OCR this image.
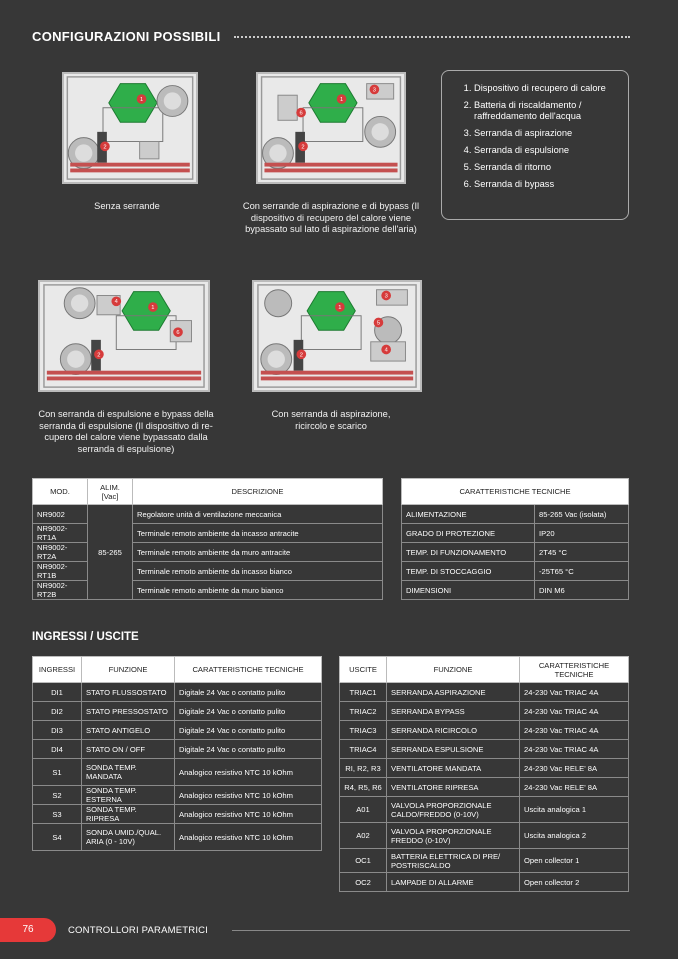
CONFIGURAZIONI POSSIBILI
1
2
Senza serrande
1
2
3
6
Con serrande di aspirazione e di bypass (Il dispositivo di recupero del calore viene bypassato sul lato di aspirazione dell'aria)
1
2
4
6
Con serranda di espulsione e bypass della serranda di espulsione (Il dispositivo di re-cupero del calore viene bypassato dalla serranda di espulsione)
1
2
3
4
5
Con serranda di aspirazione, ricircolo e scarico
1. Dispositivo di recupero di calore
2. Batteria di riscaldamento / raffreddamento dell'acqua
3. Serranda di aspirazione
4. Serranda di espulsione
5. Serranda di ritorno
6. Serranda di bypass
MOD.	ALIM. [Vac]	DESCRIZIONE
NR9002	85-265	Regolatore unità di ventilazione meccanica
NR9002-RT1A		Terminale remoto ambiente da incasso antracite
NR9002-RT2A		Terminale remoto ambiente da muro antracite
NR9002-RT1B		Terminale remoto ambiente da incasso bianco
NR9002-RT2B		Terminale remoto ambiente da muro bianco
CARATTERISTICHE TECNICHE	
ALIMENTAZIONE	85-265 Vac (isolata)
GRADO DI PROTEZIONE	IP20
TEMP. DI FUNZIONAMENTO	2T45 °C
TEMP. DI STOCCAGGIO	-25T65 °C
DIMENSIONI	DIN M6
INGRESSI / USCITE
INGRESSI	FUNZIONE	CARATTERISTICHE TECNICHE
DI1	STATO FLUSSOSTATO	Digitale 24 Vac o contatto pulito
DI2	STATO PRESSOSTATO	Digitale 24 Vac o contatto pulito
DI3	STATO ANTIGELO	Digitale 24 Vac o contatto pulito
DI4	STATO ON / OFF	Digitale 24 Vac o contatto pulito
S1	SONDA TEMP. MANDATA	Analogico resistivo NTC 10 kOhm
S2	SONDA TEMP. ESTERNA	Analogico resistivo NTC 10 kOhm
S3	SONDA TEMP. RIPRESA	Analogico resistivo NTC 10 kOhm
S4	SONDA UMID./QUAL. ARIA (0 - 10V)	Analogico resistivo NTC 10 kOhm
USCITE	FUNZIONE	CARATTERISTICHE TECNICHE
TRIAC1	SERRANDA ASPIRAZIONE	24-230 Vac TRIAC 4A
TRIAC2	SERRANDA BYPASS	24-230 Vac TRIAC 4A
TRIAC3	SERRANDA RICIRCOLO	24-230 Vac TRIAC 4A
TRIAC4	SERRANDA ESPULSIONE	24-230 Vac TRIAC 4A
RI, R2, R3	VENTILATORE MANDATA	24-230 Vac RELE' 8A
R4, R5, R6	VENTILATORE RIPRESA	24-230 Vac RELE' 8A
A01	VALVOLA PROPORZIONALE CALDO/FREDDO (0-10V)	Uscita analogica 1
A02	VALVOLA PROPORZIONALE FREDDO (0-10V)	Uscita analogica 2
OC1	BATTERIA ELETTRICA DI PRE/ POSTRISCALDO	Open collector 1
OC2	LAMPADE DI ALLARME	Open collector 2
76	CONTROLLORI PARAMETRICI
